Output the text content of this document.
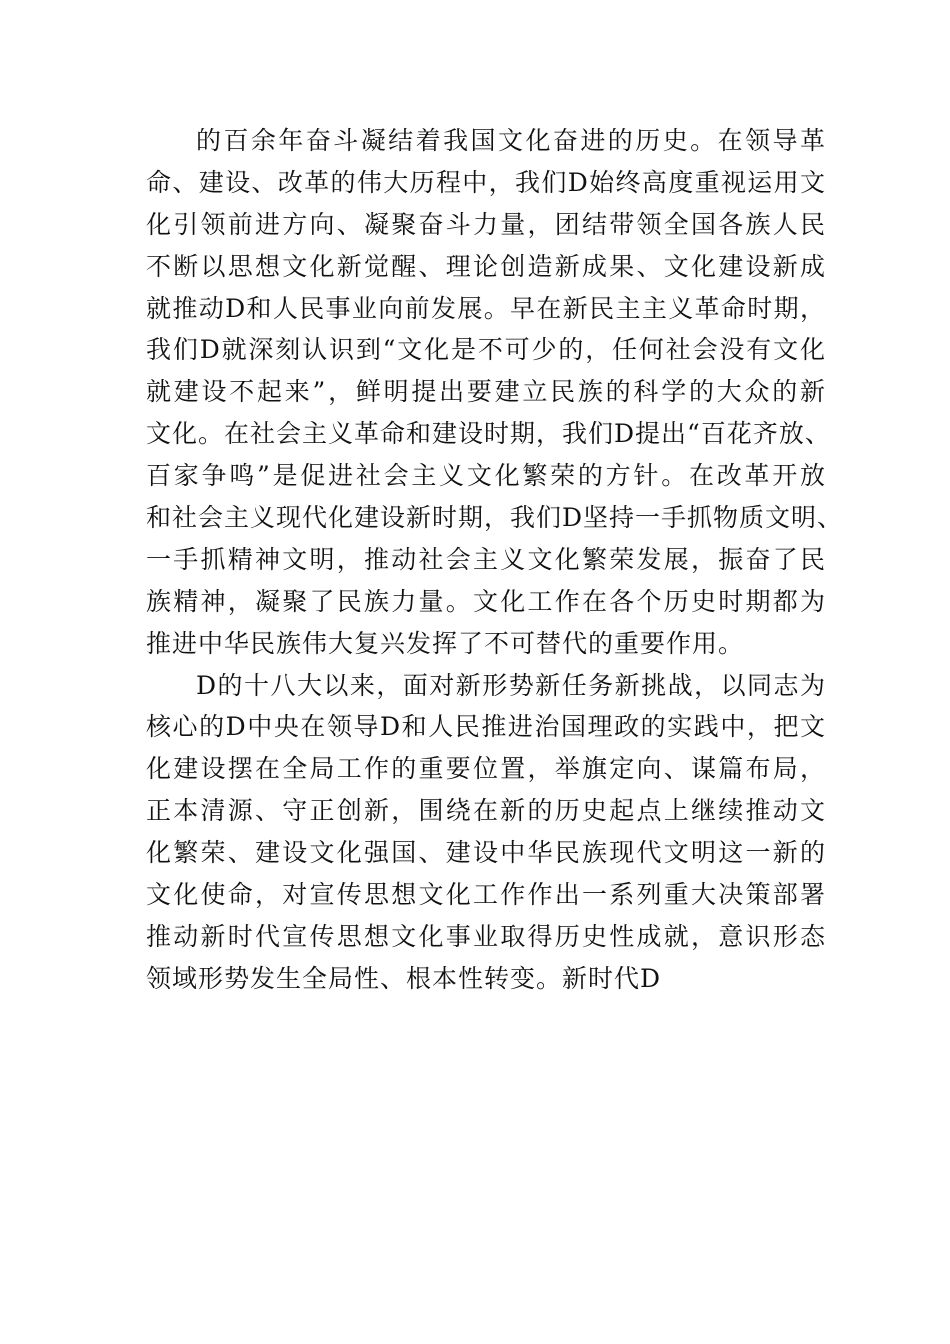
的百余年奋斗凝结着我国文化奋进的历史。在领导革
命、建设、改革的伟大历程中，我们D始终高度重视运用文
化引领前进方向、凝聚奋斗力量，团结带领全国各族人民
不断以思想文化新觉醒、理论创造新成果、文化建设新成
就推动D和人民事业向前发展。早在新民主主义革命时期，
我们D就深刻认识到“文化是不可少的，任何社会没有文化
就建设不起来”，鲜明提出要建立民族的科学的大众的新
文化。在社会主义革命和建设时期，我们D提出“百花齐放、
百家争鸣”是促进社会主义文化繁荣的方针。在改革开放
和社会主义现代化建设新时期，我们D坚持一手抓物质文明、
一手抓精神文明，推动社会主义文化繁荣发展，振奋了民
族精神，凝聚了民族力量。文化工作在各个历史时期都为
推进中华民族伟大复兴发挥了不可替代的重要作用。
D的十八大以来，面对新形势新任务新挑战，以同志为
核心的D中央在领导D和人民推进治国理政的实践中，把文
化建设摆在全局工作的重要位置，举旗定向、谋篇布局，
正本清源、守正创新，围绕在新的历史起点上继续推动文
化繁荣、建设文化强国、建设中华民族现代文明这一新的
文化使命，对宣传思想文化工作作出一系列重大决策部署
推动新时代宣传思想文化事业取得历史性成就，意识形态
领域形势发生全局性、根本性转变。新时代D
